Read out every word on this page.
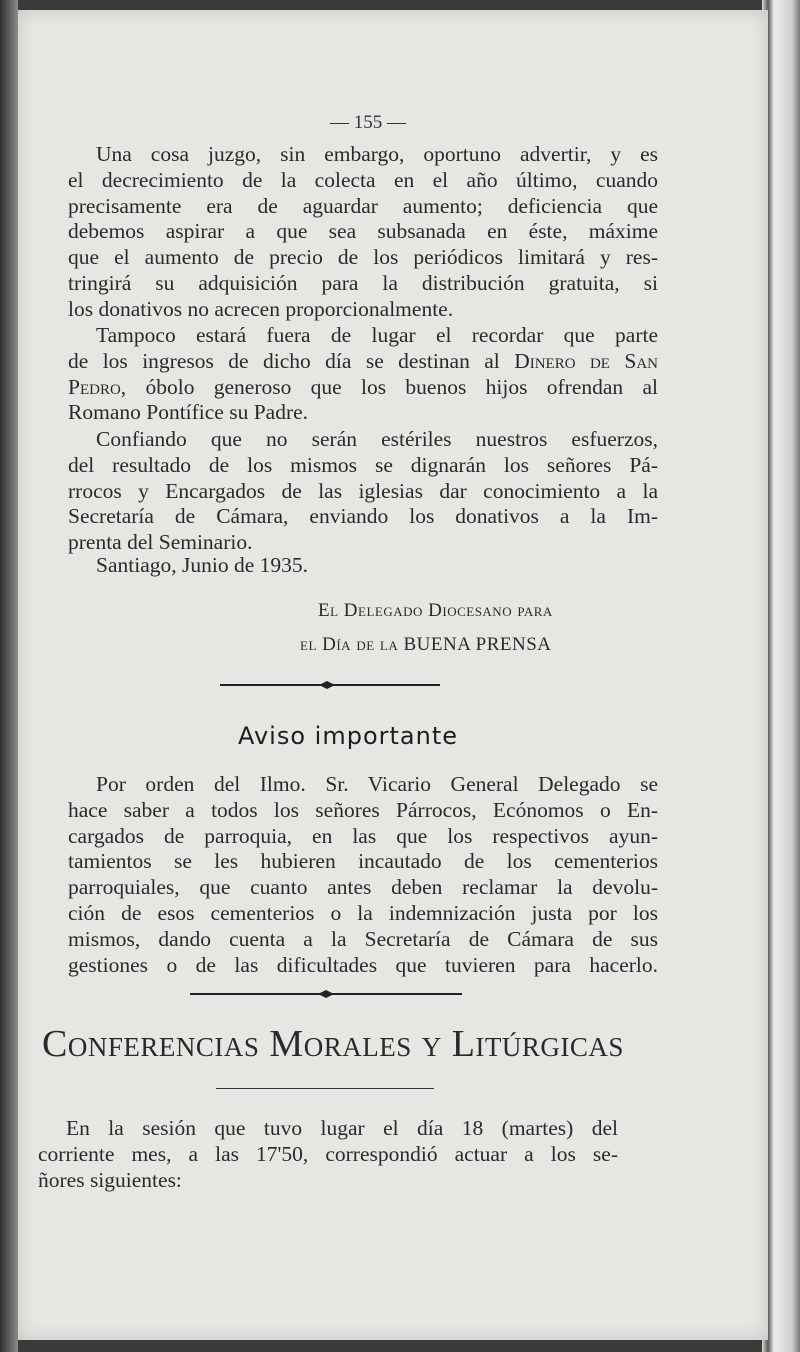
— 155 —
Una cosa juzgo, sin embargo, oportuno advertir, y es
el decrecimiento de la colecta en el año último, cuando
precisamente era de aguardar aumento; deficiencia que
debemos aspirar a que sea subsanada en éste, máxime
que el aumento de precio de los periódicos limitará y res-
tringirá su adquisición para la distribución gratuita, si
los donativos no acrecen proporcionalmente.
Tampoco estará fuera de lugar el recordar que parte
de los ingresos de dicho día se destinan al Dinero de San
Pedro, óbolo generoso que los buenos hijos ofrendan al
Romano Pontífice su Padre.
Confiando que no serán estériles nuestros esfuerzos,
del resultado de los mismos se dignarán los señores Pá-
rrocos y Encargados de las iglesias dar conocimiento a la
Secretaría de Cámara, enviando los donativos a la Im-
prenta del Seminario.
Santiago, Junio de 1935.
El Delegado Diocesano para
el Día de la BUENA PRENSA
Aviso importante
Por orden del Ilmo. Sr. Vicario General Delegado se
hace saber a todos los señores Párrocos, Ecónomos o En-
cargados de parroquia, en las que los respectivos ayun-
tamientos se les hubieren incautado de los cementerios
parroquiales, que cuanto antes deben reclamar la devolu-
ción de esos cementerios o la indemnización justa por los
mismos, dando cuenta a la Secretaría de Cámara de sus
gestiones o de las dificultades que tuvieren para hacerlo.
Conferencias Morales y Litúrgicas
En la sesión que tuvo lugar el día 18 (martes) del
corriente mes, a las 17'50, correspondió actuar a los se-
ñores siguientes:
